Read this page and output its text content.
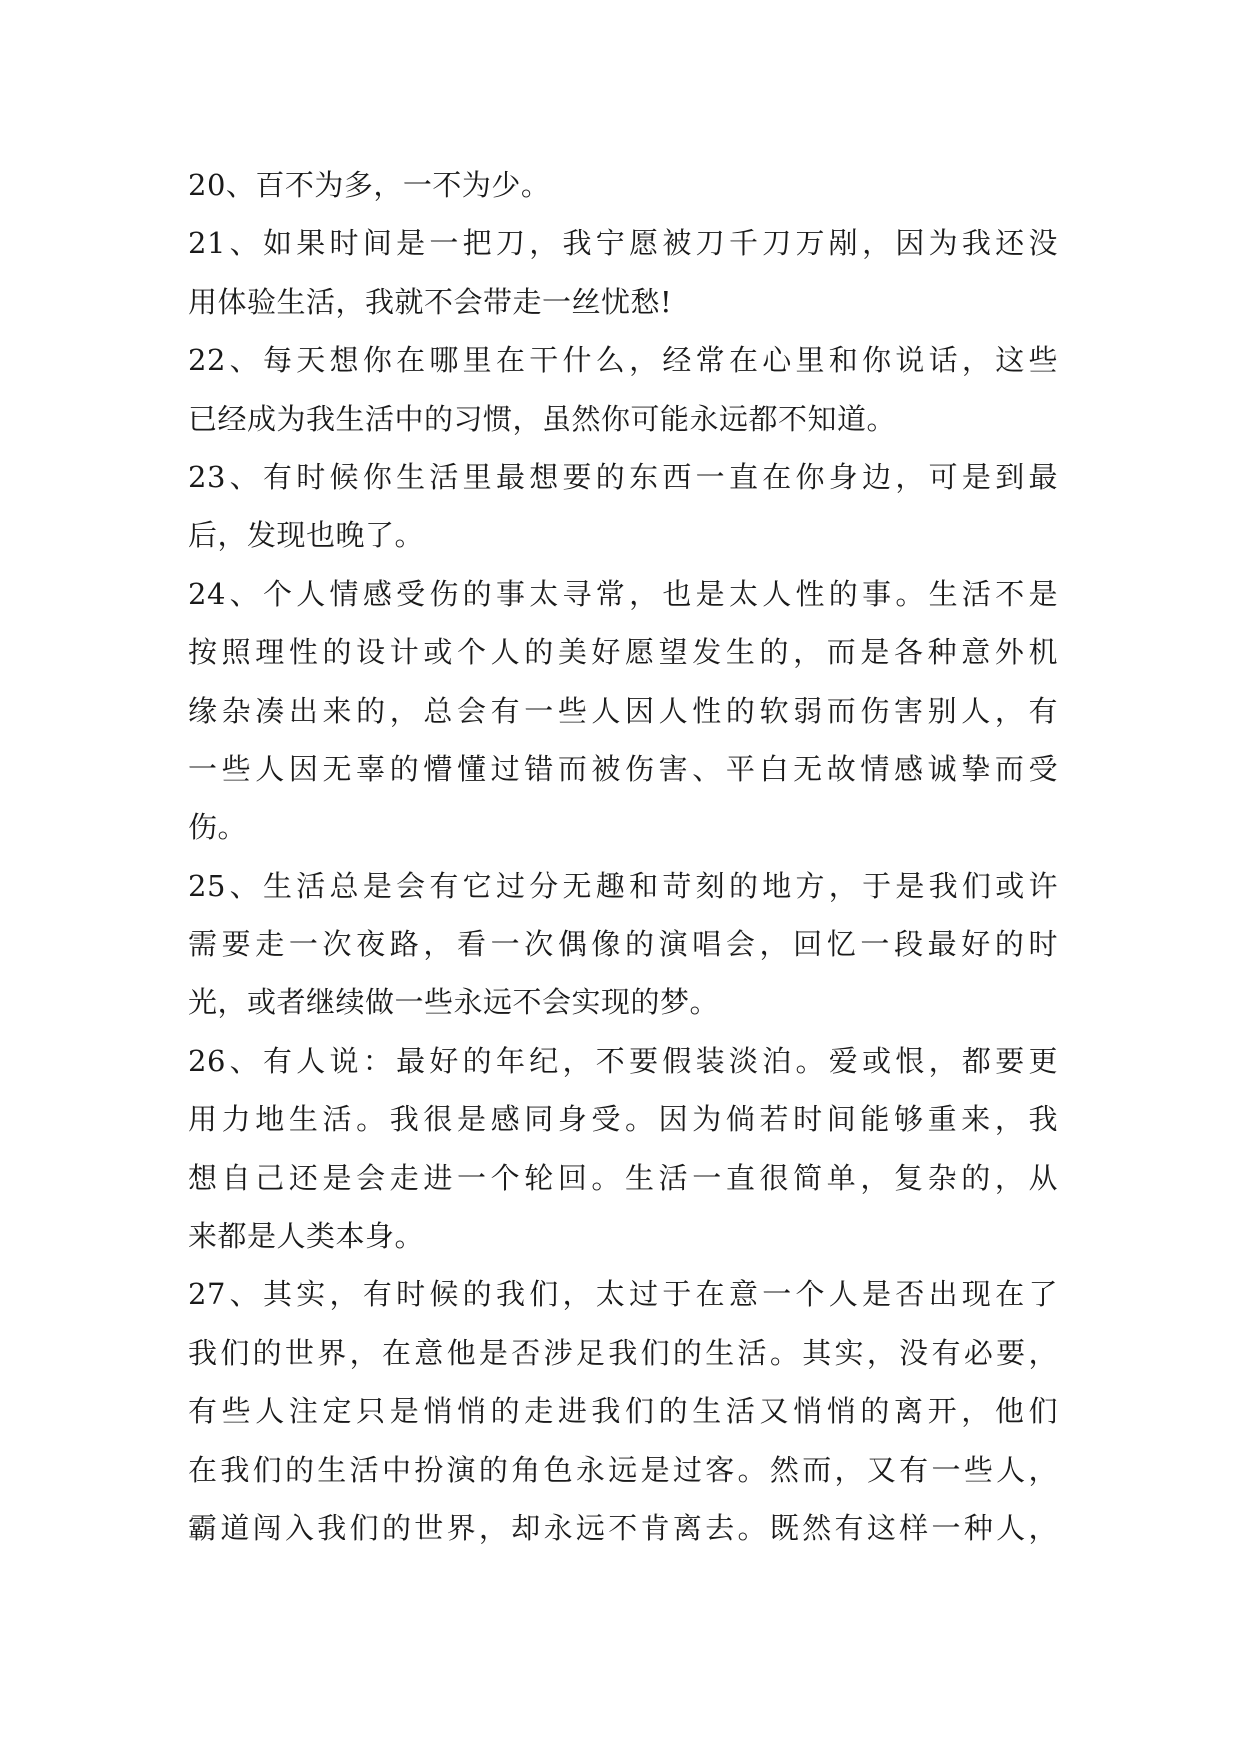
20、百不为多，一不为少。
21、如果时间是一把刀，我宁愿被刀千刀万剐，因为我还没
用体验生活，我就不会带走一丝忧愁!
22、每天想你在哪里在干什么，经常在心里和你说话，这些
已经成为我生活中的习惯，虽然你可能永远都不知道。
23、有时候你生活里最想要的东西一直在你身边，可是到最
后，发现也晚了。
24、个人情感受伤的事太寻常，也是太人性的事。生活不是
按照理性的设计或个人的美好愿望发生的，而是各种意外机
缘杂凑出来的，总会有一些人因人性的软弱而伤害别人，有
一些人因无辜的懵懂过错而被伤害、平白无故情感诚挚而受
伤。
25、生活总是会有它过分无趣和苛刻的地方，于是我们或许
需要走一次夜路，看一次偶像的演唱会，回忆一段最好的时
光，或者继续做一些永远不会实现的梦。
26、有人说：最好的年纪，不要假装淡泊。爱或恨，都要更
用力地生活。我很是感同身受。因为倘若时间能够重来，我
想自己还是会走进一个轮回。生活一直很简单，复杂的，从
来都是人类本身。
27、其实，有时候的我们，太过于在意一个人是否出现在了
我们的世界，在意他是否涉足我们的生活。其实，没有必要，
有些人注定只是悄悄的走进我们的生活又悄悄的离开，他们
在我们的生活中扮演的角色永远是过客。然而，又有一些人，
霸道闯入我们的世界，却永远不肯离去。既然有这样一种人，
